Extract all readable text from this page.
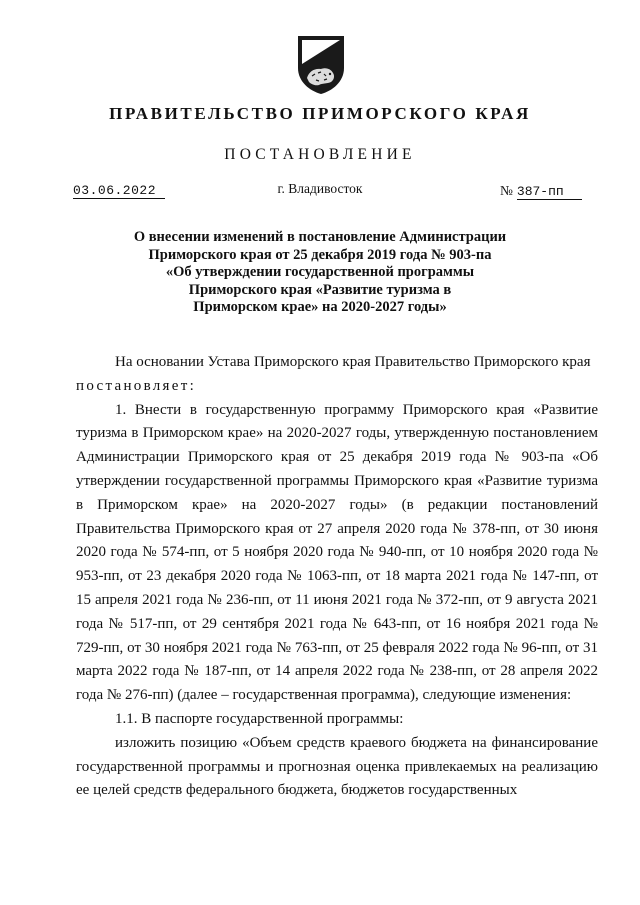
ПРАВИТЕЛЬСТВО ПРИМОРСКОГО КРАЯ
ПОСТАНОВЛЕНИЕ
03.06.2022	г. Владивосток	№ 387-пп
О внесении изменений в постановление Администрации
Приморского края от 25 декабря 2019 года № 903-па
«Об утверждении государственной программы
Приморского края «Развитие туризма в
Приморском крае» на 2020-2027 годы»

На основании Устава Приморского края Правительство Приморского края

постановляет:

1. Внести в государственную программу Приморского края «Развитие туризма в Приморском крае» на 2020-2027 годы, утвержденную постановлением Администрации Приморского края от 25 декабря 2019 года № 903-па «Об утверждении государственной программы Приморского края «Развитие туризма в Приморском крае» на 2020-2027 годы» (в редакции постановлений Правительства Приморского края от 27 апреля 2020 года № 378-пп, от 30 июня 2020 года № 574-пп, от 5 ноября 2020 года № 940-пп, от 10 ноября 2020 года № 953-пп, от 23 декабря 2020 года № 1063-пп, от 18 марта 2021 года № 147-пп, от 15 апреля 2021 года № 236-пп, от 11 июня 2021 года № 372-пп, от 9 августа 2021 года № 517-пп, от 29 сентября 2021 года № 643-пп, от 16 ноября 2021 года № 729-пп, от 30 ноября 2021 года № 763-пп, от 25 февраля 2022 года № 96-пп, от 31 марта 2022 года № 187-пп, от 14 апреля 2022 года № 238-пп, от 28 апреля 2022 года № 276-пп) (далее – государственная программа), следующие изменения:

1.1. В паспорте государственной программы:

изложить позицию «Объем средств краевого бюджета на финансирование государственной программы и прогнозная оценка привлекаемых на реализацию ее целей средств федерального бюджета, бюджетов государственных
